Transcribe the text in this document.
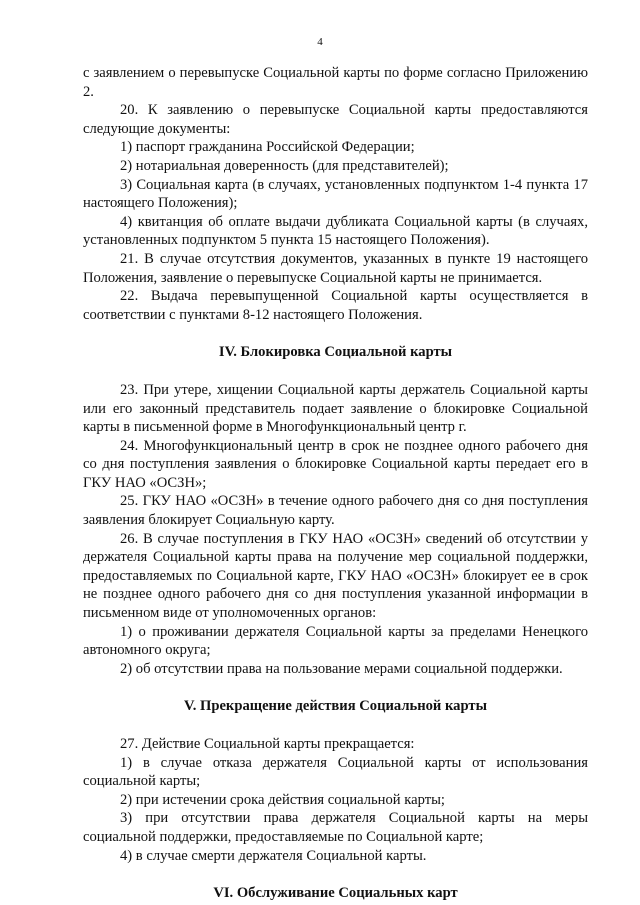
4

с заявлением о перевыпуске Социальной карты по форме согласно Приложению 2.

20. К заявлению о перевыпуске Социальной карты предоставляются следующие документы:

1) паспорт гражданина Российской Федерации;

2) нотариальная доверенность (для представителей);

3) Социальная карта (в случаях, установленных подпунктом 1-4 пункта 17 настоящего Положения);

4) квитанция об оплате выдачи дубликата Социальной карты (в случаях, установленных подпунктом 5 пункта 15 настоящего Положения).

21. В случае отсутствия документов, указанных в пункте 19 настоящего Положения, заявление о перевыпуске Социальной карты не принимается.

22. Выдача перевыпущенной Социальной карты осуществляется в соответствии с пунктами 8-12 настоящего Положения.

IV. Блокировка Социальной карты

23. При утере, хищении Социальной карты держатель Социальной карты или его законный представитель подает заявление о блокировке Социальной карты в письменной форме в Многофункциональный центр г.

24. Многофункциональный центр в срок не позднее одного рабочего дня со дня поступления заявления о блокировке Социальной карты передает его в ГКУ НАО «ОСЗН»;

25. ГКУ НАО «ОСЗН» в течение одного рабочего дня со дня поступления заявления блокирует Социальную карту.

26. В случае поступления в ГКУ НАО «ОСЗН» сведений об отсутствии у держателя Социальной карты права на получение мер социальной поддержки, предоставляемых по Социальной карте, ГКУ НАО «ОСЗН» блокирует ее в срок не позднее одного рабочего дня со дня поступления указанной информации в письменном виде от уполномоченных органов:

1) о проживании держателя Социальной карты за пределами Ненецкого автономного округа;

2) об отсутствии права на пользование мерами социальной поддержки.

V. Прекращение действия Социальной карты

27. Действие Социальной карты прекращается:

1) в случае отказа держателя Социальной карты от использования социальной карты;

2) при истечении срока действия социальной карты;

3) при отсутствии права держателя Социальной карты на меры социальной поддержки, предоставляемые по Социальной карте;

4) в случае смерти держателя Социальной карты.

VI. Обслуживание Социальных карт
